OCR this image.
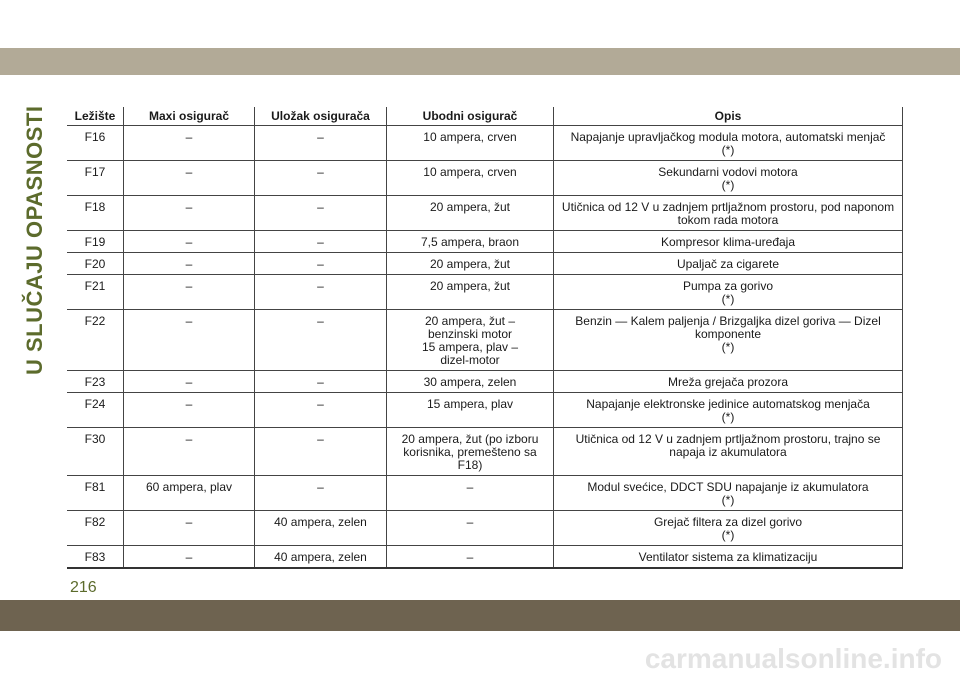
U SLUČAJU OPASNOSTI Ležište	Maxi osigurač	Uložak osigurača	Ubodni osigurač	Opis
F16	–	–	10 ampera, crven	Napajanje upravljačkog modula motora, automatski menjač
(*)
F17	–	–	10 ampera, crven	Sekundarni vodovi motora
(*)
F18	–	–	20 ampera, žut	Utičnica od 12 V u zadnjem prtljažnom prostoru, pod naponom
tokom rada motora
F19	–	–	7,5 ampera, braon	Kompresor klima-uređaja
F20	–	–	20 ampera, žut	Upaljač za cigarete
F21	–	–	20 ampera, žut	Pumpa za gorivo
(*)
F22	–	–	20 ampera, žut –
benzinski motor
15 ampera, plav –
dizel-motor	Benzin — Kalem paljenja / Brizgaljka dizel goriva — Dizel
komponente
(*)
F23	–	–	30 ampera, zelen	Mreža grejača prozora
F24	–	–	15 ampera, plav	Napajanje elektronske jedinice automatskog menjača
(*)
F30	–	–	20 ampera, žut (po izboru
korisnika, premešteno sa
F18)	Utičnica od 12 V u zadnjem prtljažnom prostoru, trajno se
napaja iz akumulatora
F81	60 ampera, plav	–	–	Modul svećice, DDCT SDU napajanje iz akumulatora
(*)
F82	–	40 ampera, zelen	–	Grejač filtera za dizel gorivo
(*)
F83	–	40 ampera, zelen	–	Ventilator sistema za klimatizaciju
216
carmanualsonline.info
